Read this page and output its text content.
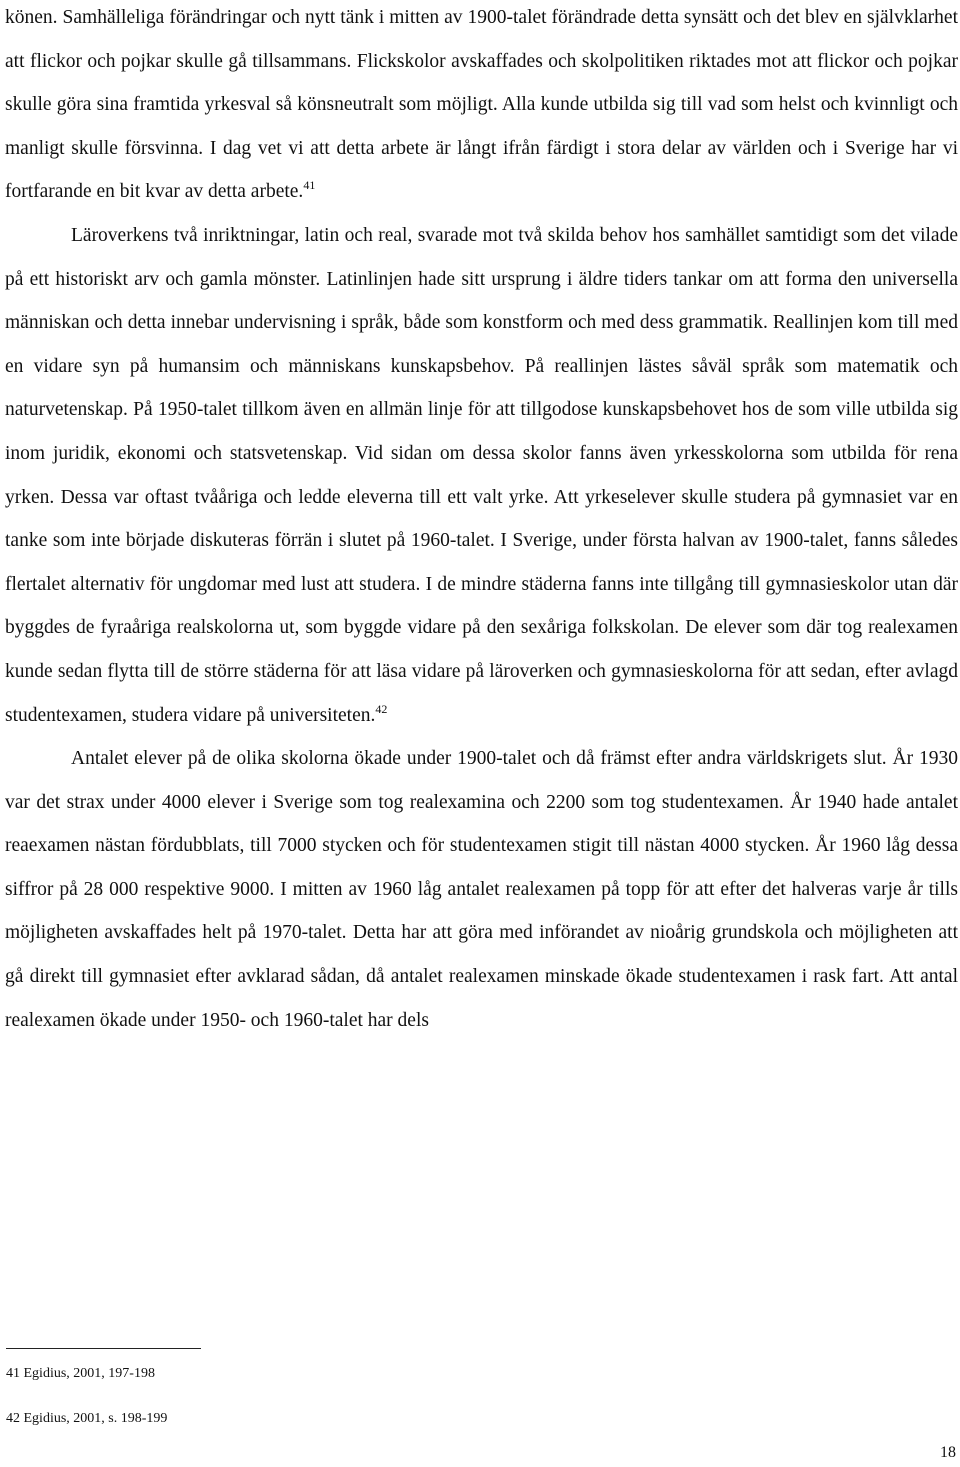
könen. Samhälleliga förändringar och nytt tänk i mitten av 1900-talet förändrade detta synsätt och det blev en självklarhet att flickor och pojkar skulle gå tillsammans. Flickskolor avskaffades och skolpolitiken riktades mot att flickor och pojkar skulle göra sina framtida yrkesval så könsneutralt som möjligt. Alla kunde utbilda sig till vad som helst och kvinnligt och manligt skulle försvinna. I dag vet vi att detta arbete är långt ifrån färdigt i stora delar av världen och i Sverige har vi fortfarande en bit kvar av detta arbete.$^{41}$

Läroverkens två inriktningar, latin och real, svarade mot två skilda behov hos samhället samtidigt som det vilade på ett historiskt arv och gamla mönster. Latinlinjen hade sitt ursprung i äldre tiders tankar om att forma den universella människan och detta innebar undervisning i språk, både som konstform och med dess grammatik. Reallinjen kom till med en vidare syn på humansim och människans kunskapsbehov. På reallinjen lästes såväl språk som matematik och naturvetenskap. På 1950-talet tillkom även en allmän linje för att tillgodose kunskapsbehovet hos de som ville utbilda sig inom juridik, ekonomi och statsvetenskap. Vid sidan om dessa skolor fanns även yrkesskolorna som utbilda för rena yrken. Dessa var oftast tvååriga och ledde eleverna till ett valt yrke. Att yrkeselever skulle studera på gymnasiet var en tanke som inte började diskuteras förrän i slutet på 1960-talet. I Sverige, under första halvan av 1900-talet, fanns således flertalet alternativ för ungdomar med lust att studera. I de mindre städerna fanns inte tillgång till gymnasieskolor utan där byggdes de fyraåriga realskolorna ut, som byggde vidare på den sexåriga folkskolan. De elever som där tog realexamen kunde sedan flytta till de större städerna för att läsa vidare på läroverken och gymnasieskolorna för att sedan, efter avlagd studentexamen, studera vidare på universiteten.$^{42}$

Antalet elever på de olika skolorna ökade under 1900-talet och då främst efter andra världskrigets slut. År 1930 var det strax under 4000 elever i Sverige som tog realexamina och 2200 som tog studentexamen. År 1940 hade antalet reaexamen nästan fördubblats, till 7000 stycken och för studentexamen stigit till nästan 4000 stycken. År 1960 låg dessa siffror på 28 000 respektive 9000. I mitten av 1960 låg antalet realexamen på topp för att efter det halveras varje år tills möjligheten avskaffades helt på 1970-talet. Detta har att göra med införandet av nioårig grundskola och möjligheten att gå direkt till gymnasiet efter avklarad sådan, då antalet realexamen minskade ökade studentexamen i rask fart. Att antal realexamen ökade under 1950- och 1960-talet har dels

41 Egidius, 2001, 197-198
42 Egidius, 2001, s. 198-199
18
